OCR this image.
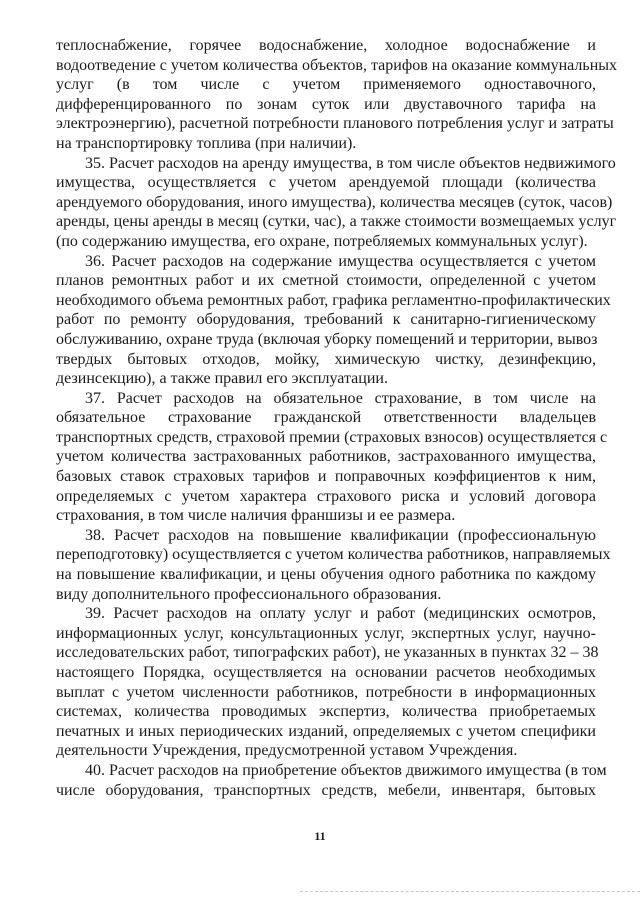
теплоснабжение, горячее водоснабжение, холодное водоснабжение и
водоотведение с учетом количества объектов, тарифов на оказание коммунальных
услуг (в том числе с учетом применяемого одноставочного,
дифференцированного по зонам суток или двуставочного тарифа на
электроэнергию), расчетной потребности планового потребления услуг и затраты
на транспортировку топлива (при наличии).
35. Расчет расходов на аренду имущества, в том числе объектов недвижимого
имущества, осуществляется с учетом арендуемой площади (количества
арендуемого оборудования, иного имущества), количества месяцев (суток, часов)
аренды, цены аренды в месяц (сутки, час), а также стоимости возмещаемых услуг
(по содержанию имущества, его охране, потребляемых коммунальных услуг).
36. Расчет расходов на содержание имущества осуществляется с учетом
планов ремонтных работ и их сметной стоимости, определенной с учетом
необходимого объема ремонтных работ, графика регламентно-профилактических
работ по ремонту оборудования, требований к санитарно-гигиеническому
обслуживанию, охране труда (включая уборку помещений и территории, вывоз
твердых бытовых отходов, мойку, химическую чистку, дезинфекцию,
дезинсекцию), а также правил его эксплуатации.
37. Расчет расходов на обязательное страхование, в том числе на
обязательное страхование гражданской ответственности владельцев
транспортных средств, страховой премии (страховых взносов) осуществляется с
учетом количества застрахованных работников, застрахованного имущества,
базовых ставок страховых тарифов и поправочных коэффициентов к ним,
определяемых с учетом характера страхового риска и условий договора
страхования, в том числе наличия франшизы и ее размера.
38. Расчет расходов на повышение квалификации (профессиональную
переподготовку) осуществляется с учетом количества работников, направляемых
на повышение квалификации, и цены обучения одного работника по каждому
виду дополнительного профессионального образования.
39. Расчет расходов на оплату услуг и работ (медицинских осмотров,
информационных услуг, консультационных услуг, экспертных услуг, научно-
исследовательских работ, типографских работ), не указанных в пунктах 32 – 38
настоящего Порядка, осуществляется на основании расчетов необходимых
выплат с учетом численности работников, потребности в информационных
системах, количества проводимых экспертиз, количества приобретаемых
печатных и иных периодических изданий, определяемых с учетом специфики
деятельности Учреждения, предусмотренной уставом Учреждения.
40. Расчет расходов на приобретение объектов движимого имущества (в том
числе оборудования, транспортных средств, мебели, инвентаря, бытовых
11
